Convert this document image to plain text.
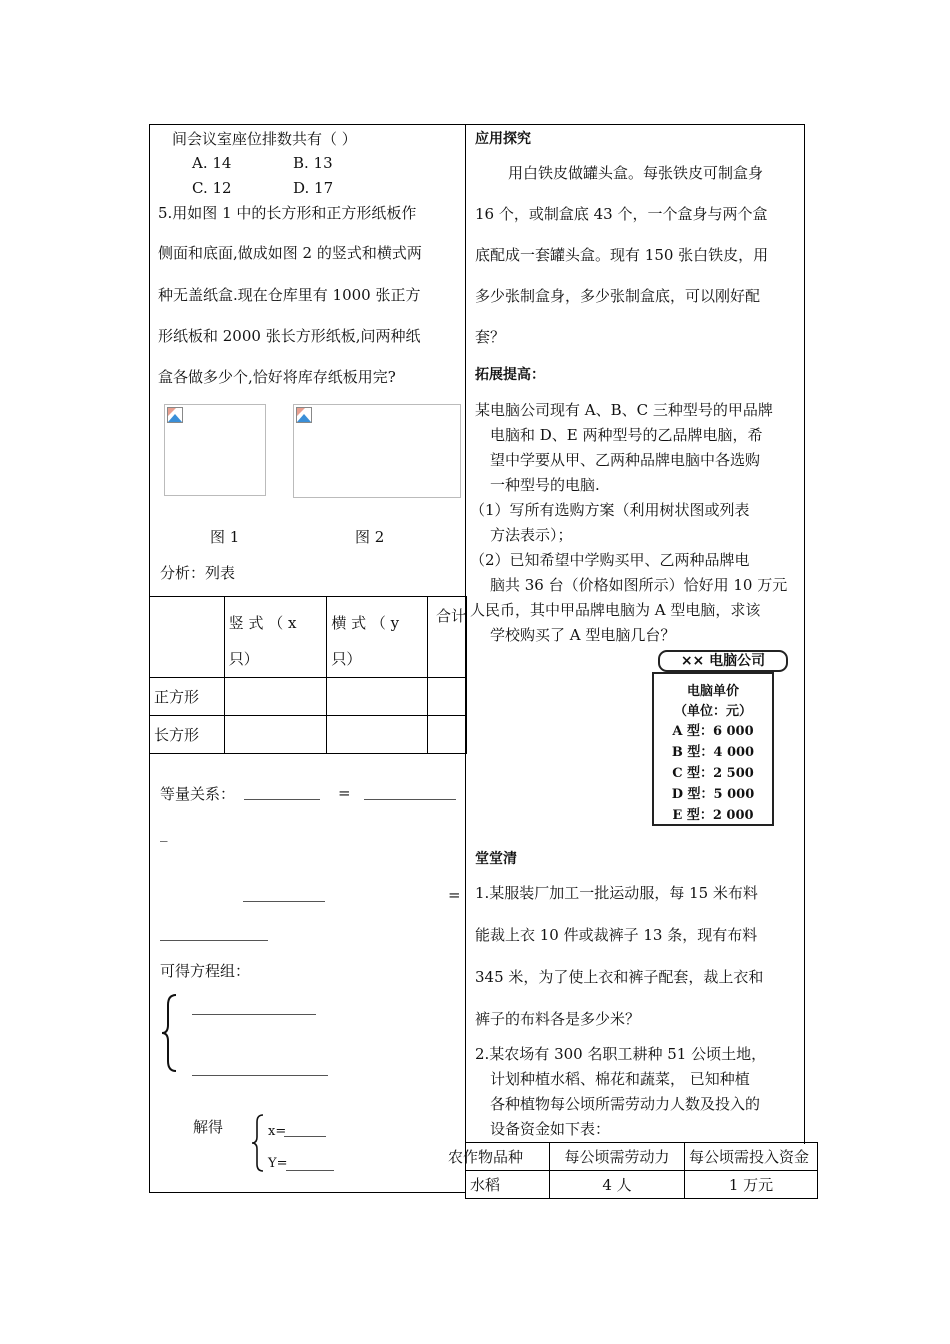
间会议室座位排数共有（ ）
A. 14	B. 13
C. 12	D. 17
5.用如图 1 中的长方形和正方形纸板作
侧面和底面,做成如图 2 的竖式和横式两
种无盖纸盒.现在仓库里有 1000 张正方
形纸板和 2000 张长方形纸板,问两种纸
盒各做多少个,恰好将库存纸板用完?
图 1	图 2
分析：列表
	竖 式 （ x 只）	横 式 （ y 只）	合计
正方形			
长方形			
等量关系：	=
_
=
可得方程组：
解得	x=
Y=
应用探究
用白铁皮做罐头盒。每张铁皮可制盒身
16 个，或制盒底 43 个，一个盒身与两个盒
底配成一套罐头盒。现有 150 张白铁皮，用
多少张制盒身，多少张制盒底，可以刚好配
套？
拓展提高：
某电脑公司现有 A、B、C 三种型号的甲品牌
电脑和 D、E 两种型号的乙品牌电脑，希
望中学要从甲、乙两种品牌电脑中各选购
一种型号的电脑.
（1）写所有选购方案（利用树状图或列表
方法表示）；
（2）已知希望中学购买甲、乙两种品牌电
脑共 36 台（价格如图所示）恰好用 10 万元
人民币，其中甲品牌电脑为 A 型电脑，求该
学校购买了 A 型电脑几台？
×× 电脑公司
电脑单价
（单位：元）
A 型：6 000
B 型：4 000
C 型：2 500
D 型：5 000
E 型：2 000
堂堂清
1.某服装厂加工一批运动服，每 15 米布料
能裁上衣 10 件或裁裤子 13 条，现有布料
345 米，为了使上衣和裤子配套，裁上衣和
裤子的布料各是多少米？
2.某农场有 300 名职工耕种 51 公顷土地，
计划种植水稻、棉花和蔬菜， 已知种植
各种植物每公顷所需劳动力人数及投入的
设备资金如下表：
农作物品种	每公顷需劳动力	每公顷需投入资金
水稻	4 人	1 万元
